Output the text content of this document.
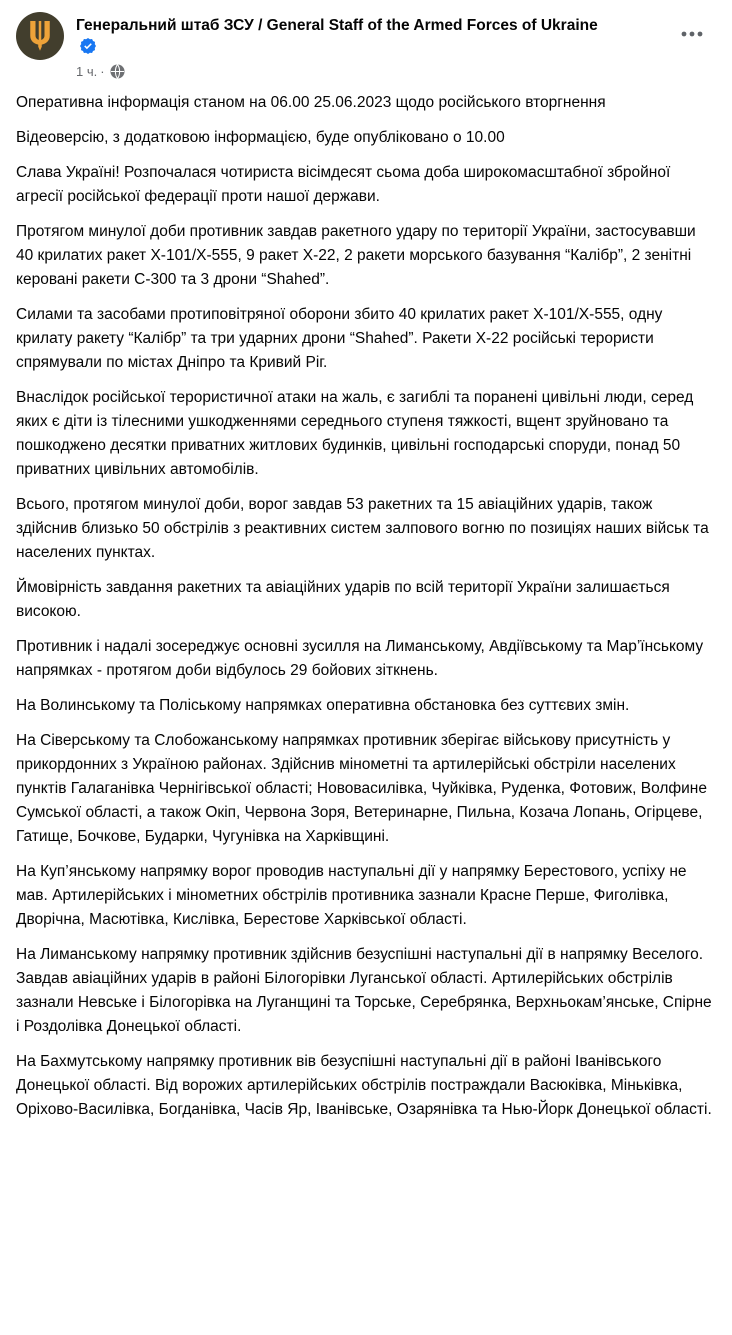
Генеральний штаб ЗСУ / General Staff of the Armed Forces of Ukraine
1 ч. ·

Оперативна інформація станом на 06.00 25.06.2023 щодо російського вторгнення

Відеоверсію, з додатковою інформацією, буде опубліковано о 10.00

Слава Україні! Розпочалася чотириста вісімдесят сьома доба широкомасштабної збройної агресії російської федерації проти нашої держави.

Протягом минулої доби противник завдав ракетного удару по території України, застосувавши 40 крилатих ракет Х-101/Х-555, 9 ракет Х-22, 2 ракети морського базування “Калібр”, 2 зенітні керовані ракети С-300 та 3 дрони “Shahed”.

Силами та засобами протиповітряної оборони збито 40 крилатих ракет Х-101/Х-555, одну крилату ракету “Калібр” та три ударних дрони “Shahed”. Ракети Х-22 російські терористи спрямували по містах Дніпро та Кривий Ріг.

Внаслідок російської терористичної атаки на жаль, є загиблі та поранені цивільні люди, серед яких є діти із тілесними ушкодженнями середнього ступеня тяжкості, вщент зруйновано та пошкоджено десятки приватних житлових будинків, цивільні господарські споруди, понад 50 приватних цивільних автомобілів.

Всього, протягом минулої доби, ворог завдав 53 ракетних та 15 авіаційних ударів, також здійснив близько 50 обстрілів з реактивних систем залпового вогню по позиціях наших військ та населених пунктах.

Ймовірність завдання ракетних та авіаційних ударів по всій території України залишається високою.

Противник і надалі зосереджує основні зусилля на Лиманському, Авдіївському та Мар’їнському напрямках - протягом доби відбулось 29 бойових зіткнень.

На Волинському та Поліському напрямках оперативна обстановка без суттєвих змін.

На Сіверському та Слобожанському напрямках противник зберігає військову присутність у прикордонних з Україною районах. Здійснив мінометні та артилерійські обстріли населених пунктів Галаганівка Чернігівської області; Нововасилівка, Чуйківка, Руденка, Фотовиж, Волфине Сумської області, а також Окіп, Червона Зоря, Ветеринарне, Пильна, Козача Лопань, Огірцеве, Гатище, Бочкове, Бударки, Чугунівка на Харківщині.

На Куп’янському напрямку ворог проводив наступальні дії у напрямку Берестового, успіху не мав. Артилерійських і мінометних обстрілів противника зазнали Красне Перше, Фиголівка, Дворічна, Масютівка, Кислівка, Берестове Харківської області.

На Лиманському напрямку противник здійснив безуспішні наступальні дії в напрямку Веселого. Завдав авіаційних ударів в районі Білогорівки Луганської області. Артилерійських обстрілів зазнали Невське і Білогорівка на Луганщині та Торське, Серебрянка, Верхньокам’янське, Спірне і Роздолівка Донецької області.

На Бахмутському напрямку противник вів безуспішні наступальні дії в районі Іванівського Донецької області. Від ворожих артилерійських обстрілів постраждали Васюківка, Міньківка, Оріхово-Василівка, Богданівка, Часів Яр, Іванівське, Озарянівка та Нью-Йорк Донецької області.
